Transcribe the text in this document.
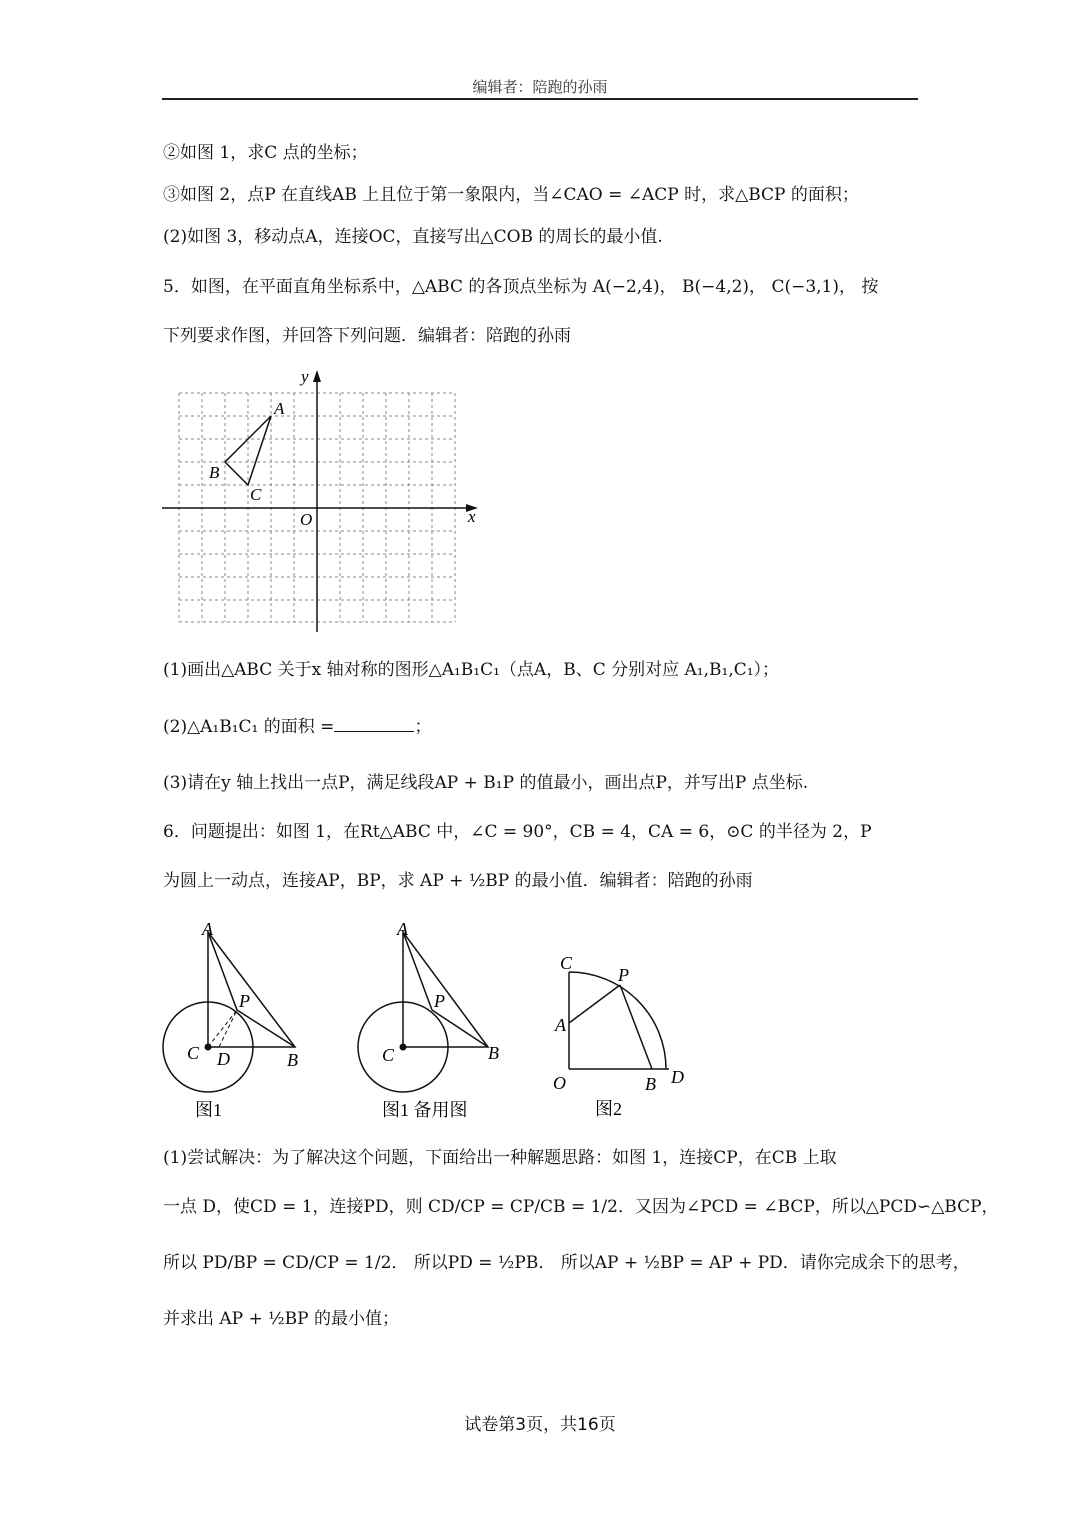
编辑者：陪跑的孙雨
②如图 1，求C 点的坐标；
③如图 2，点P 在直线AB 上且位于第一象限内，当∠CAO = ∠ACP 时，求△BCP 的面积；
(2)如图 3，移动点A，连接OC，直接写出△COB 的周长的最小值.
5．如图，在平面直角坐标系中，△ABC 的各顶点坐标为 A(−2,4)， B(−4,2)， C(−3,1)， 按
下列要求作图，并回答下列问题．编辑者：陪跑的孙雨
x
y
O
A
B
C
(1)画出△ABC 关于x 轴对称的图形△A₁B₁C₁（点A，B、C 分别对应 A₁,B₁,C₁）；
(2)△A₁B₁C₁ 的面积 =	；
(3)请在y 轴上找出一点P，满足线段AP + B₁P 的值最小，画出点P，并写出P 点坐标.
6．问题提出：如图 1，在Rt△ABC 中，∠C = 90°，CB = 4，CA = 6，⊙C 的半径为 2，P
为圆上一动点，连接AP，BP，求 AP + ½BP 的最小值．编辑者：陪跑的孙雨
A
P
C D	B
图1
A
P
C	B
图1 备用图
C
P
A
O	B D
图2
(1)尝试解决：为了解决这个问题，下面给出一种解题思路：如图 1，连接CP，在CB 上取
一点 D，使CD = 1，连接PD，则 CD/CP = CP/CB = 1/2．又因为∠PCD = ∠BCP，所以△PCD∽△BCP，
所以 PD/BP = CD/CP = 1/2． 所以PD = ½PB． 所以AP + ½BP = AP + PD．请你完成余下的思考，
并求出 AP + ½BP 的最小值；
试卷第3页，共16页
